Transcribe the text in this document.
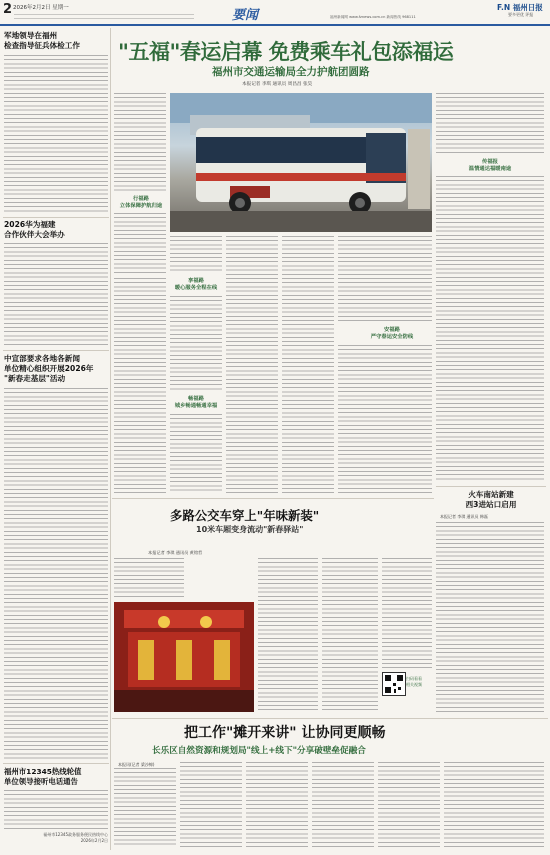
2 2026年2月2日 星期一	要闻	福州新闻网 www.fznews.com.cn 新闻热线 968111
F.N 福州日报
要多更优 评报
军地领导在福州
检查指导征兵体检工作
2026华为福建
合作伙伴大会举办
中宣部要求各地各新闻
单位精心组织开展2026年
"新春走基层"活动
福州市12345热线轮值
单位领导接听电话通告
福州市12345政务服务便民热线中心
2026年2月2日
"五福"春运启幕 免费乘车礼包添福运
福州市交通运输局全力护航团圆路
本报记者 李琪 通讯员 周昌昌 张昊
行福路
立体保障护航归途
传福报
温情通达福暖南途
享福路
暖心服务全程在线
畅福路
城乡畅通畅通幸福
安福路
严守春运安全防线
多路公交车穿上"年味新装"
10米车厢变身流动"新春驿站"
本报记者 李琪 通讯员 黄镕哲
扫码看看
相关视频
火车南站新建
西3进站口启用
本报记者 李琪 通讯员 韩磊
把工作"摊开来讲" 让协同更顺畅
长乐区自然资源和规划局"线上+线下"分享破壁垒促融合
本报讯(记者 梁沙鲸)
